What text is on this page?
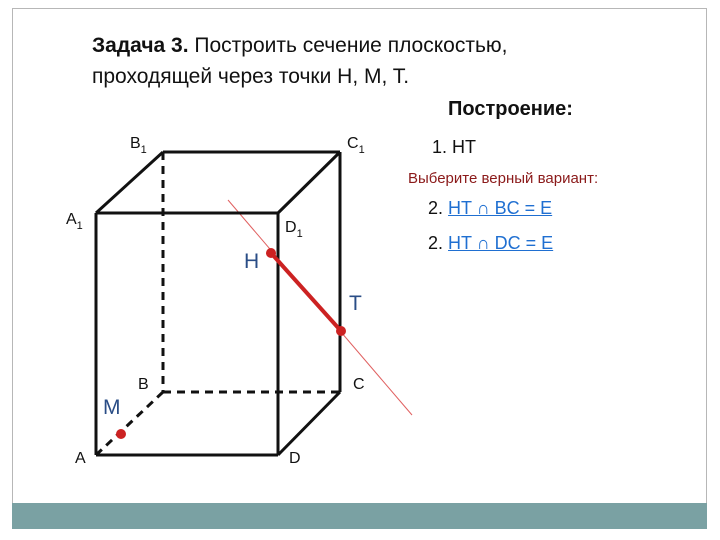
Задача 3. Построить сечение плоскостью,
проходящей через точки H, M, T.
Построение:
1. HT
Выберите верный вариант:
2. HT ∩ BC = E
2. HT ∩ DC = E
$B_1$	$C_1$
$A_1$	$D_1$
B	C
A	D
H
T
M
